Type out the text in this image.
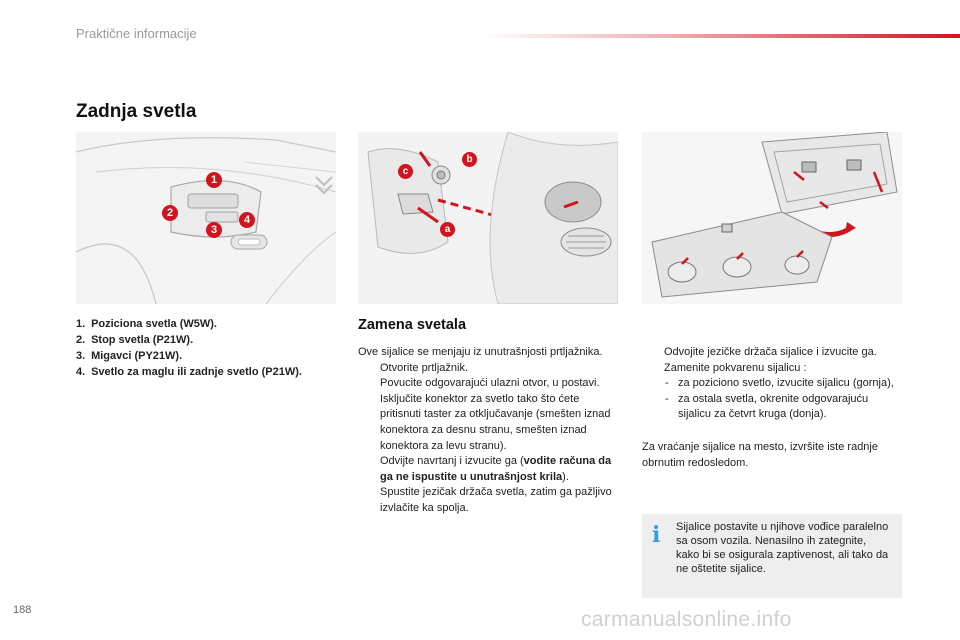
Praktične informacije
Zadnja svetla
1
2
3
4
a
b
c
1. Poziciona svetla (W5W).
2. Stop svetla (P21W).
3. Migavci (PY21W).
4. Svetlo za maglu ili zadnje svetlo (P21W).
Zamena svetala

Ove sijalice se menjaju iz unutrašnjosti prtljažnika.

Otvorite prtljažnik.

Povucite odgovarajući ulazni otvor, u postavi.

Isključite konektor za svetlo tako što ćete pritisnuti taster za otključavanje (smešten iznad konektora za desnu stranu, smešten iznad konektora za levu stranu).

Odvijte navrtanj i izvucite ga (vodite računa da ga ne ispustite u unutrašnjost krila).

Spustite jezičak držača svetla, zatim ga pažljivo izvlačite ka spolja.

Odvojite jezičke držača sijalice i izvucite ga.

Zamenite pokvarenu sijalicu :

- za poziciono svetlo, izvucite sijalicu (gornja),

- za ostala svetla, okrenite odgovarajuću sijalicu za četvrt kruga (donja).

Za vraćanje sijalice na mesto, izvršite iste radnje obrnutim redosledom.

i	Sijalice postavite u njihove vođice paralelno sa osom vozila. Nenasilno ih zategnite, kako bi se osigurala zaptivenost, ali tako da ne oštetite sijalice.
188	carmanualsonline.info
